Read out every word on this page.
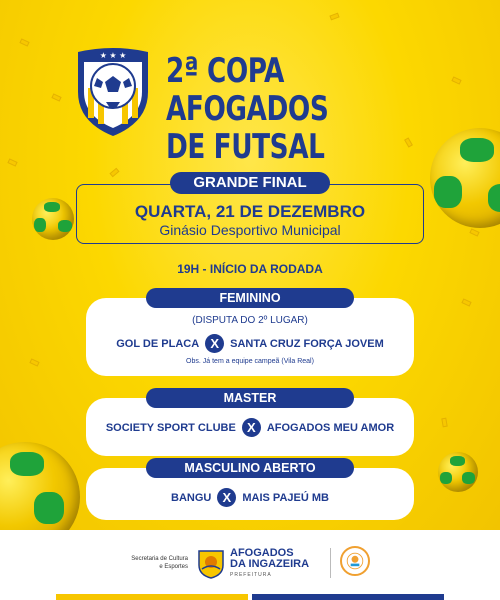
★ ★ ★ 2ª COPA AFOGADOS
DE FUTSAL
GRANDE FINAL
QUARTA, 21 DE DEZEMBRO
Ginásio Desportivo Municipal
19H - INÍCIO DA RODADA
FEMININO
(DISPUTA DO 2º LUGAR)
GOL DE PLACA X	SANTA CRUZ FORÇA JOVEM
Obs. Já tem a equipe campeã (Vila Real)
MASTER
SOCIETY SPORT CLUBE X	AFOGADOS MEU AMOR
MASCULINO ABERTO
BANGU X	MAIS PAJEÚ MB
Secretaria de Cultura e Esportes
AFOGADOS
DA INGAZEIRA
PREFEITURA
